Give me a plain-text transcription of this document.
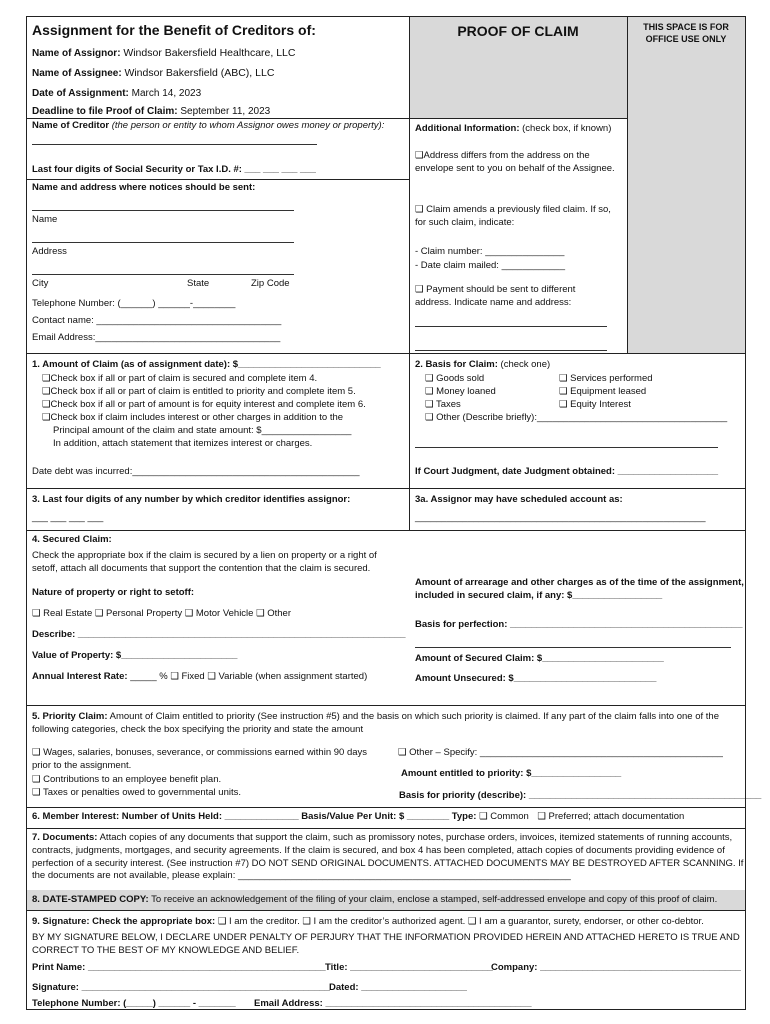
Assignment for the Benefit of Creditors of:
Name of Assignor: Windsor Bakersfield Healthcare, LLC
Name of Assignee: Windsor Bakersfield (ABC), LLC
Date of Assignment: March 14, 2023
Deadline to file Proof of Claim: September 11, 2023
PROOF OF CLAIM	THIS SPACE IS FOR OFFICE USE ONLY
Name of Creditor (the person or entity to whom Assignor owes money or property):
Last four digits of Social Security or Tax I.D. #: ___ ___ ___ ___
Name and address where notices should be sent:
Name
Address
City	State	Zip Code
Telephone Number: (______) ______-________
Contact name: ___________________________________
Email Address:___________________________________
Additional Information: (check box, if known)
❑Address differs from the address on the envelope sent to you on behalf of the Assignee.
❑ Claim amends a previously filed claim. If so, for such claim, indicate:
- Claim number: _______________
- Date claim mailed: ____________
❑ Payment should be sent to different address. Indicate name and address:
1. Amount of Claim (as of assignment date): $___________________________
❑Check box if all or part of claim is secured and complete item 4.
❑Check box if all or part of claim is entitled to priority and complete item 5.
❑Check box if all or part of amount is for equity interest and complete item 6.
❑Check box if claim includes interest or other charges in addition to the
Principal amount of the claim and state amount: $_________________
In addition, attach statement that itemizes interest or charges.
Date debt was incurred:___________________________________________
2. Basis for Claim: (check one)
❑ Goods sold
❑ Money loaned
❑ Taxes
❑ Other (Describe briefly):____________________________________
❑ Services performed
❑ Equipment leased
❑ Equity Interest
If Court Judgment, date Judgment obtained: ___________________
3. Last four digits of any number by which creditor identifies assignor:
___ ___ ___ ___
3a. Assignor may have scheduled account as:
_______________________________________________________
4. Secured Claim:
Check the appropriate box if the claim is secured by a lien on property or a right of setoff, attach all documents that support the contention that the claim is secured.
Nature of property or right to setoff:
❑ Real Estate ❑ Personal Property ❑ Motor Vehicle ❑ Other
Describe: ______________________________________________________________
Value of Property: $______________________
Annual Interest Rate: _____ % ❑ Fixed ❑ Variable (when assignment started)
Amount of arrearage and other charges as of the time of the assignment, included in secured claim, if any: $_________________
Basis for perfection: ____________________________________________
Amount of Secured Claim: $_______________________
Amount Unsecured: $___________________________
5. Priority Claim: Amount of Claim entitled to priority (See instruction #5) and the basis on which such priority is claimed. If any part of the claim falls into one of the following categories, check the box specifying the priority and state the amount
❑ Wages, salaries, bonuses, severance, or commissions earned within 90 days prior to the assignment.
❑ Contributions to an employee benefit plan.
❑ Taxes or penalties owed to governmental units.
❑ Other – Specify: ______________________________________________
Amount entitled to priority: $_________________
Basis for priority (describe): ____________________________________________
6. Member Interest: Number of Units Held: ______________ Basis/Value Per Unit: $ ________ Type: ❑ Common ❑ Preferred; attach documentation
7. Documents: Attach copies of any documents that support the claim, such as promissory notes, purchase orders, invoices, itemized statements of running accounts, contracts, judgments, mortgages, and security agreements. If the claim is secured, and box 4 has been completed, attach copies of documents providing evidence of perfection of a security interest. (See instruction #7) DO NOT SEND ORIGINAL DOCUMENTS. ATTACHED DOCUMENTS MAY BE DESTROYED AFTER SCANNING. If the documents are not available, please explain: _______________________________________________________________
8. DATE-STAMPED COPY: To receive an acknowledgement of the filing of your claim, enclose a stamped, self-addressed envelope and copy of this proof of claim.
9. Signature: Check the appropriate box: ❑ I am the creditor. ❑ I am the creditor’s authorized agent. ❑ I am a guarantor, surety, endorser, or other co-debtor.
BY MY SIGNATURE BELOW, I DECLARE UNDER PENALTY OF PERJURY THAT THE INFORMATION PROVIDED HEREIN AND ATTACHED HERETO IS TRUE AND CORRECT TO THE BEST OF MY KNOWLEDGE AND BELIEF.
Print Name: _____________________________________________ Title: ___________________________
Company: ______________________________________
Signature: _______________________________________________ Dated: ____________________
Telephone Number: (_____) ______ - _______ Email Address: _______________________________________
